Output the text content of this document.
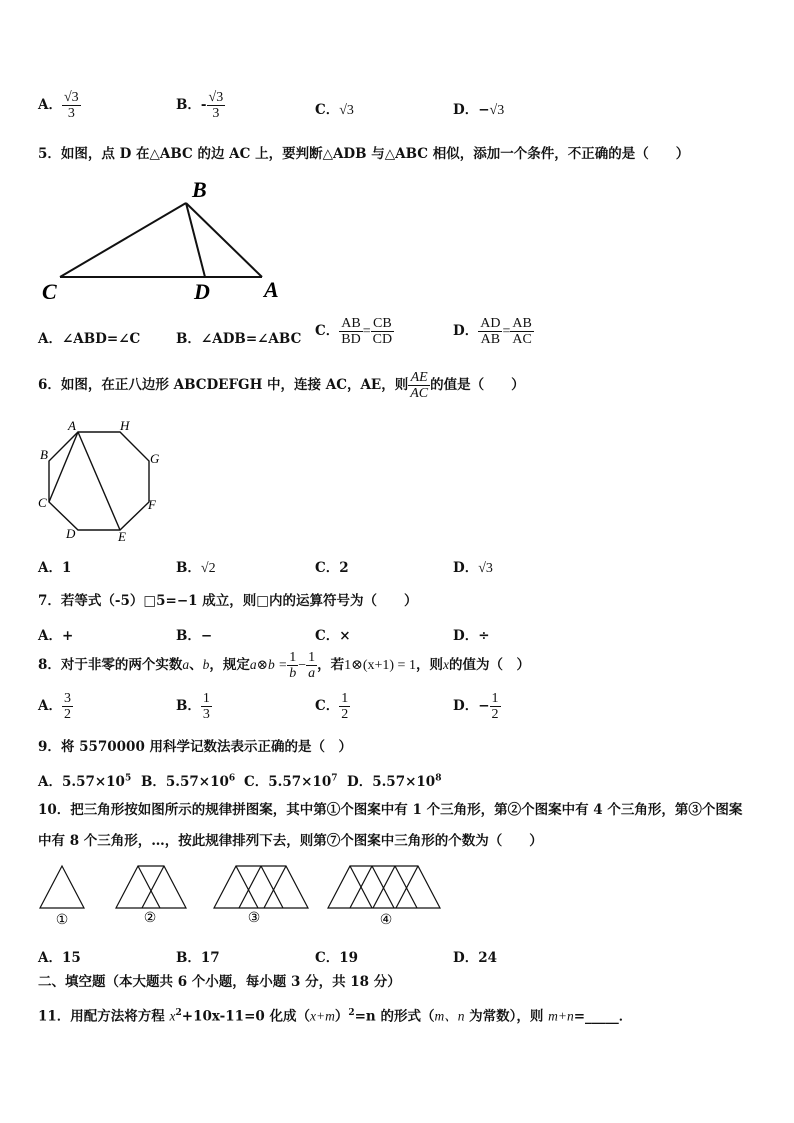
A． $\frac{√3}{3}$	B．- $\frac{√3}{3}$	C．√3	D．−√3
5．如图，点 D 在△ABC 的边 AC 上，要判断△ADB 与△ABC 相似，添加一个条件，不正确的是（　　）
B
C	D A
A．∠ABD=∠C	B．∠ADB=∠ABC C． $\frac{AB}{BD} = \frac{CB}{CD}$	D． $\frac{AD}{AB} = \frac{AB}{AC}$
6．如图，在正八边形 ABCDEFGH 中，连接 AC，AE，则 $\frac{AE}{AC}$ 的值是（　　）
A	H
B	G
C	F
D	E
A．1	B．√2	C．2	D．√3
7．若等式（-5）□5=−1 成立，则□内的运算符号为（　　）
A．+	B．−	C．×	D．÷
8．对于非零的两个实数a、b，规定a⊗b = $\frac{1}{b} - \frac{1}{a}$ ，若1⊗(x+1) = 1，则x的值为（　）
A． $\frac{3}{2}$	B． $\frac{1}{3}$	C． $\frac{1}{2}$	D．− $\frac{1}{2}$
9．将 5570000 用科学记数法表示正确的是（　）
A．$5.57\times 10^5$ B．$5.57\times 10^6$ C．$5.57\times 10^7$ D．$5.57\times 10^8$
10．把三角形按如图所示的规律拼图案，其中第①个图案中有 1 个三角形，第②个图案中有 4 个三角形，第③个图案
中有 8 个三角形，…，按此规律排列下去，则第⑦个图案中三角形的个数为（　　）
①	②	③	④
A．15	B．17	C．19	D．24
二、填空题（本大题共 6 个小题，每小题 3 分，共 18 分）
11．用配方法将方程 $x^2+10x-11=0$ 化成$(x+m)^2=n$ 的形式（m、n 为常数），则 m+n=_____．
